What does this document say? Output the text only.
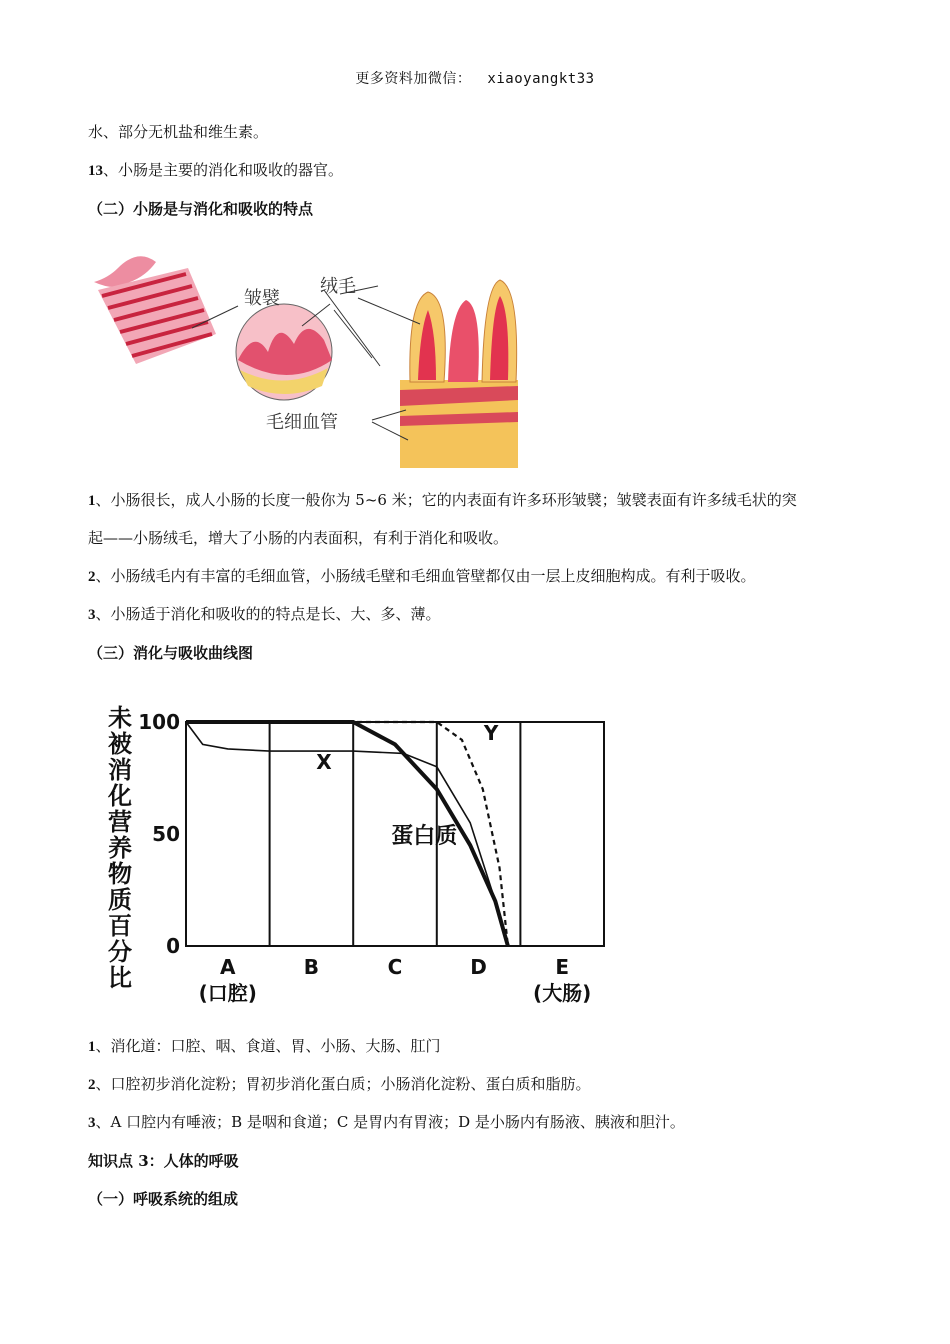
更多资料加微信： xiaoyangkt33
水、部分无机盐和维生素。
13、小肠是主要的消化和吸收的器官。
（二）小肠是与消化和吸收的特点
皱襞
绒毛
毛细血管
1、小肠很长，成人小肠的长度一般你为 5~6 米；它的内表面有许多环形皱襞；皱襞表面有许多绒毛状的突
起——小肠绒毛，增大了小肠的内表面积，有利于消化和吸收。
2、小肠绒毛内有丰富的毛细血管，小肠绒毛壁和毛细血管壁都仅由一层上皮细胞构成。有利于吸收。
3、小肠适于消化和吸收的的特点是长、大、多、薄。
（三）消化与吸收曲线图
未
被
消
化
营
养
物
质
百
分
比
100
50
0
X
蛋白质
Y
A
(口腔)
B	C	D	E
(大肠)
1、消化道：口腔、咽、食道、胃、小肠、大肠、肛门
2、口腔初步消化淀粉；胃初步消化蛋白质；小肠消化淀粉、蛋白质和脂肪。
3、A 口腔内有唾液；B 是咽和食道；C 是胃内有胃液；D 是小肠内有肠液、胰液和胆汁。
知识点 3：人体的呼吸
（一）呼吸系统的组成
